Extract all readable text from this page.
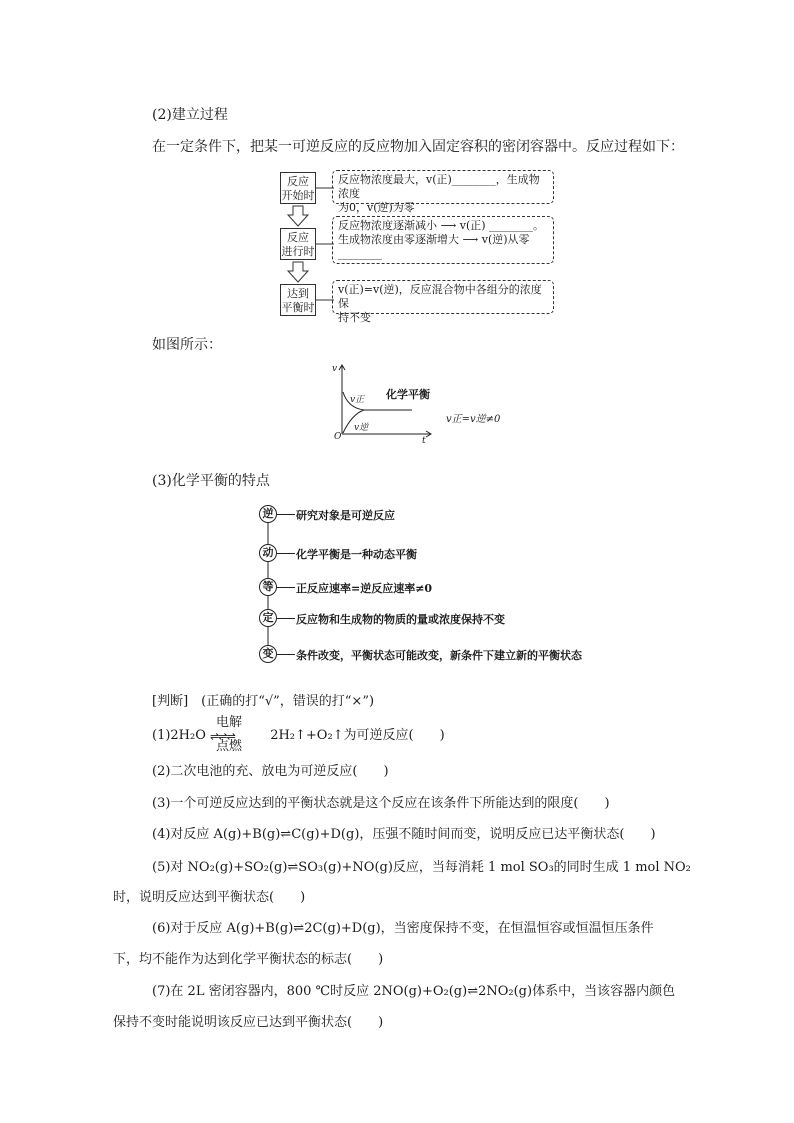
(2)建立过程
在一定条件下，把某一可逆反应的反应物加入固定容积的密闭容器中。反应过程如下：
反应
开始时
反应
进行时
达到
平衡时
反应物浓度最大，v(正)________，生成物浓度
为0，v(逆)为零
反应物浓度逐渐减小 ⟶ v(正) ________。
生成物浓度由零逐渐增大 ⟶ v(逆)从零
________
v(正)=v(逆)，反应混合物中各组分的浓度保
持不变
如图所示：
v
t
O
v正
v逆
化学平衡
v正=v逆≠0
(3)化学平衡的特点
逆	研究对象是可逆反应
动	化学平衡是一种动态平衡
等	正反应速率=逆反应速率≠0
定	反应物和生成物的物质的量或浓度保持不变
变	条件改变，平衡状态可能改变，新条件下建立新的平衡状态
[判断]　(正确的打“√”，错误的打“×”)
(1)2H₂O
电解
⇌⇌⇌
点燃
2H₂↑+O₂↑为可逆反应(　　)
(2)二次电池的充、放电为可逆反应(　　)
(3)一个可逆反应达到的平衡状态就是这个反应在该条件下所能达到的限度(　　)
(4)对反应 A(g)+B(g)⇌C(g)+D(g)，压强不随时间而变，说明反应已达平衡状态(　　)
(5)对 NO₂(g)+SO₂(g)⇌SO₃(g)+NO(g)反应，当每消耗 1 mol SO₃的同时生成 1 mol NO₂
时，说明反应达到平衡状态(　　)
(6)对于反应 A(g)+B(g)⇌2C(g)+D(g)，当密度保持不变，在恒温恒容或恒温恒压条件
下，均不能作为达到化学平衡状态的标志(　　)
(7)在 2L 密闭容器内，800 ℃时反应 2NO(g)+O₂(g)⇌2NO₂(g)体系中，当该容器内颜色
保持不变时能说明该反应已达到平衡状态(　　)
